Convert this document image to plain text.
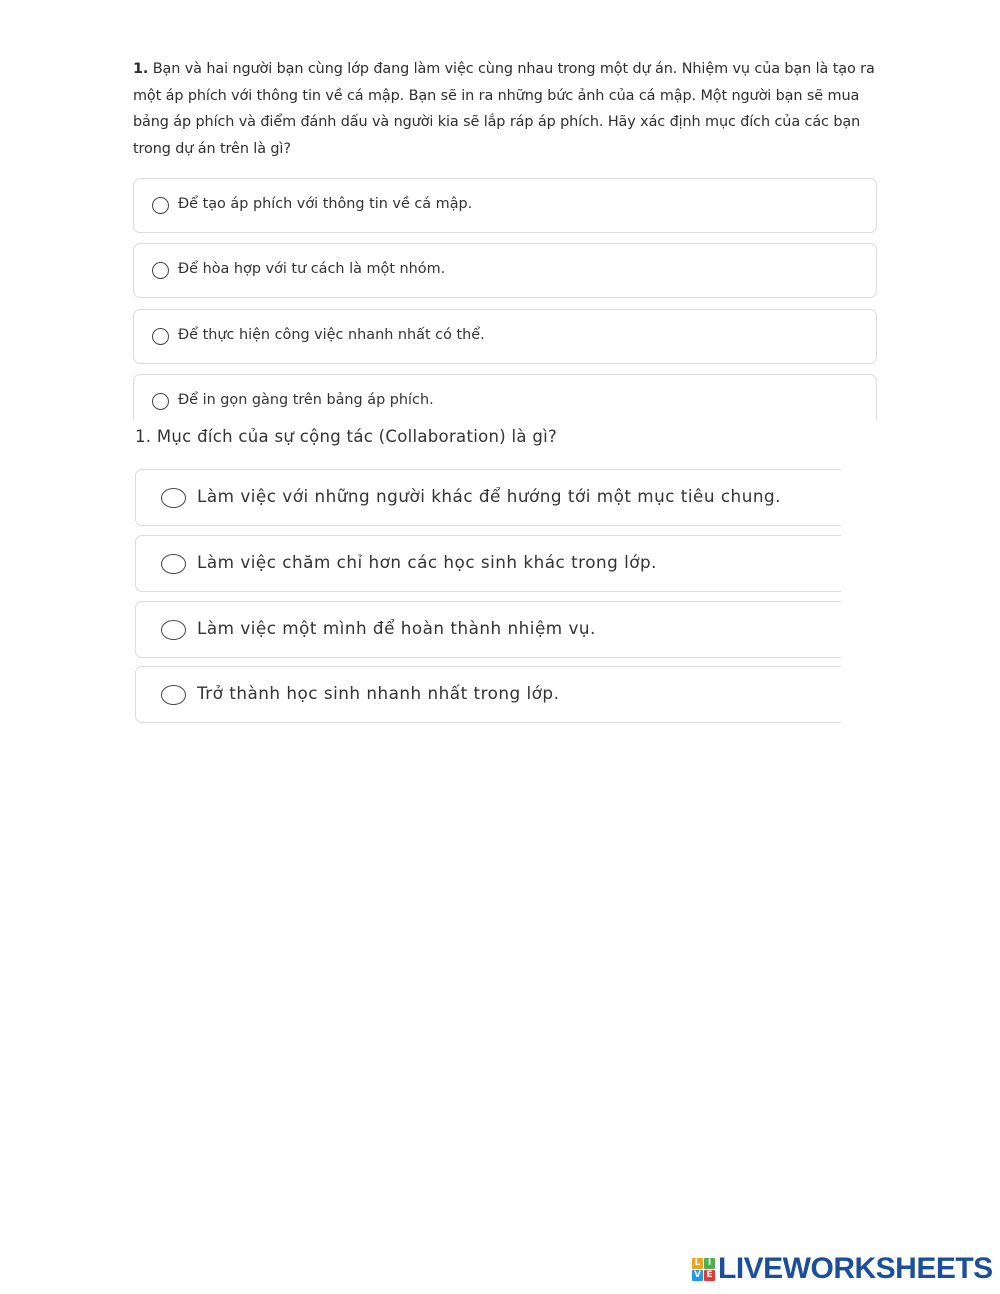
1. Bạn và hai người bạn cùng lớp đang làm việc cùng nhau trong một dự án. Nhiệm vụ của bạn là tạo ra một áp phích với thông tin về cá mập. Bạn sẽ in ra những bức ảnh của cá mập. Một người bạn sẽ mua bảng áp phích và điểm đánh dấu và người kia sẽ lắp ráp áp phích. Hãy xác định mục đích của các bạn trong dự án trên là gì?

Để tạo áp phích với thông tin về cá mập.
Để hòa hợp với tư cách là một nhóm.
Để thực hiện công việc nhanh nhất có thể.
Để in gọn gàng trên bảng áp phích.

1. Mục đích của sự cộng tác (Collaboration) là gì?

Làm việc với những người khác để hướng tới một mục tiêu chung.
Làm việc chăm chỉ hơn các học sinh khác trong lớp.
Làm việc một mình để hoàn thành nhiệm vụ.
Trở thành học sinh nhanh nhất trong lớp.
L I
V E LIVEWORKSHEETS
